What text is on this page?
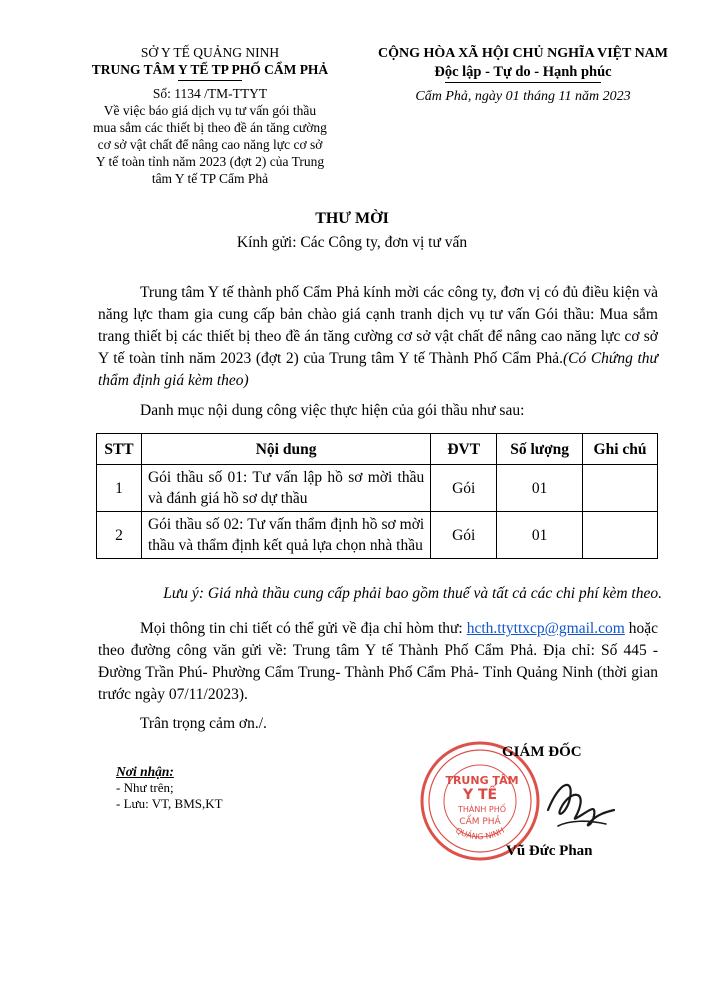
SỞ Y TẾ QUẢNG NINH
TRUNG TÂM Y TẾ TP PHỐ CẨM PHẢ
Số: 1134 /TM-TTYT
Về việc báo giá dịch vụ tư vấn gói thầu mua sắm các thiết bị theo đề án tăng cường cơ sở vật chất để nâng cao năng lực cơ sở Y tế toàn tỉnh năm 2023 (đợt 2) của Trung tâm Y tế TP Cẩm Phả
CỘNG HÒA XÃ HỘI CHỦ NGHĨA VIỆT NAM
Độc lập - Tự do - Hạnh phúc
Cẩm Phả, ngày 01 tháng 11 năm 2023
THƯ MỜI
Kính gửi: Các Công ty, đơn vị tư vấn
Trung tâm Y tế thành phố Cẩm Phả kính mời các công ty, đơn vị có đủ điều kiện và năng lực tham gia cung cấp bản chào giá cạnh tranh dịch vụ tư vấn Gói thầu: Mua sắm trang thiết bị các thiết bị theo đề án tăng cường cơ sở vật chất để nâng cao năng lực cơ sở Y tế toàn tỉnh năm 2023 (đợt 2) của Trung tâm Y tế Thành Phố Cẩm Phả.(Có Chứng thư thẩm định giá kèm theo)
Danh mục nội dung công việc thực hiện của gói thầu như sau:
STT	Nội dung	ĐVT	Số lượng	Ghi chú
1	Gói thầu số 01: Tư vấn lập hồ sơ mời thầu và đánh giá hồ sơ dự thầu	Gói	01	
2	Gói thầu số 02: Tư vấn thẩm định hồ sơ mời thầu và thẩm định kết quả lựa chọn nhà thầu	Gói	01	
Lưu ý: Giá nhà thầu cung cấp phải bao gồm thuế và tất cả các chi phí kèm theo.
Mọi thông tin chi tiết có thể gửi về địa chỉ hòm thư: hcth.ttyttxcp@gmail.com hoặc theo đường công văn gửi về: Trung tâm Y tế Thành Phố Cẩm Phả. Địa chỉ: Số 445 - Đường Trần Phú- Phường Cẩm Trung- Thành Phố Cẩm Phả- Tỉnh Quảng Ninh (thời gian trước ngày 07/11/2023).
Trân trọng cảm ơn./.
Nơi nhận:
- Như trên;
- Lưu: VT, BMS,KT
TRUNG TÂM
Y TẾ
THÀNH PHỐ
CẨM PHẢ
QUẢNG NINH
GIÁM ĐỐC
Vũ Đức Phan
